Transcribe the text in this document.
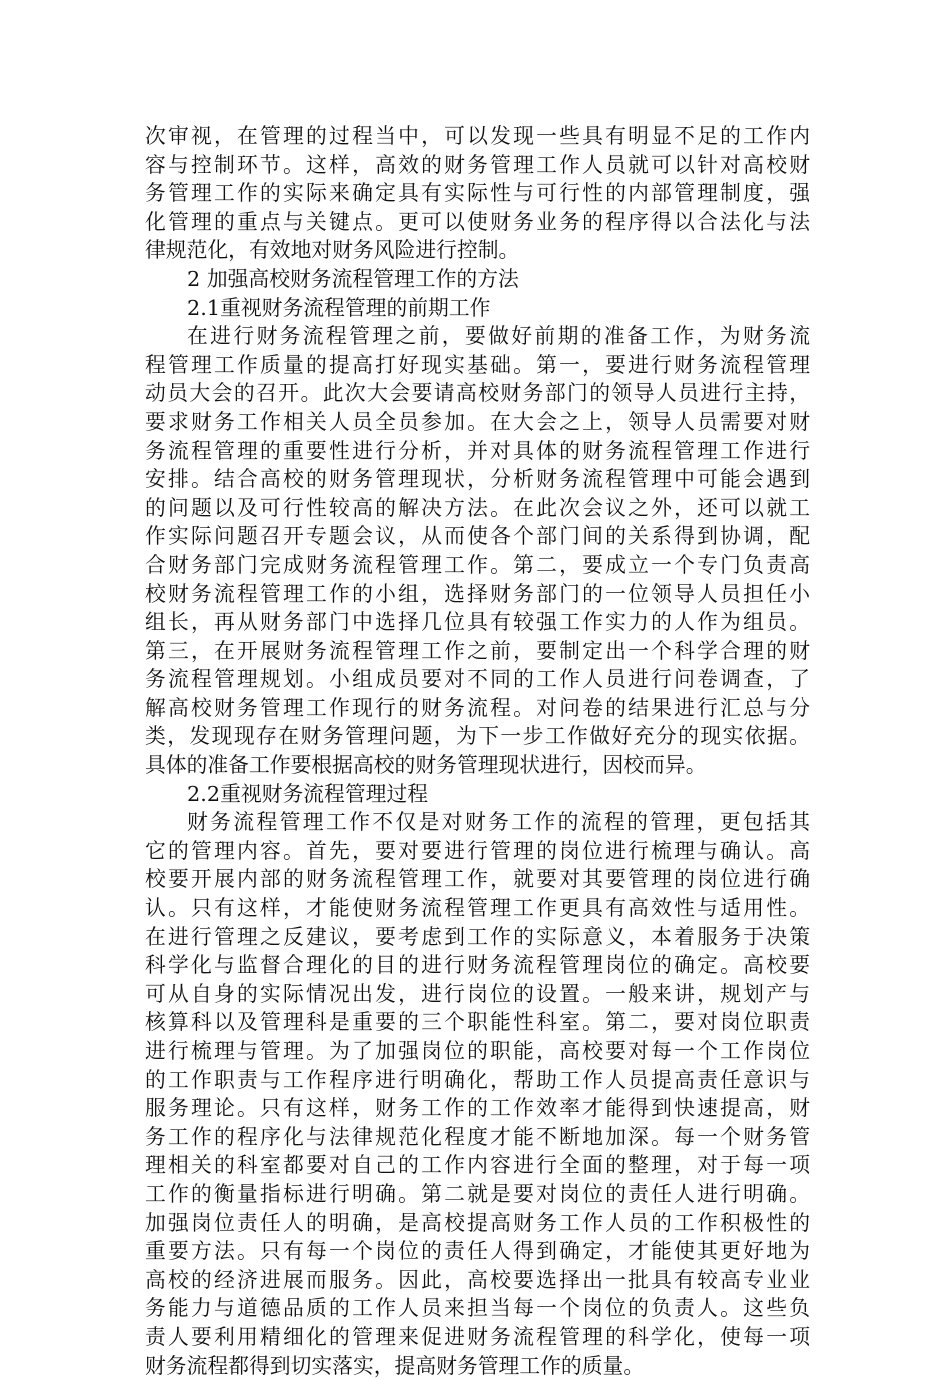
次审视，在管理的过程当中，可以发现一些具有明显不足的工作内
容与控制环节。这样，高效的财务管理工作人员就可以针对高校财
务管理工作的实际来确定具有实际性与可行性的内部管理制度，强
化管理的重点与关键点。更可以使财务业务的程序得以合法化与法
律规范化，有效地对财务风险进行控制。
2 加强高校财务流程管理工作的方法
2.1重视财务流程管理的前期工作
在进行财务流程管理之前，要做好前期的准备工作，为财务流
程管理工作质量的提高打好现实基础。第一，要进行财务流程管理
动员大会的召开。此次大会要请高校财务部门的领导人员进行主持，
要求财务工作相关人员全员参加。在大会之上，领导人员需要对财
务流程管理的重要性进行分析，并对具体的财务流程管理工作进行
安排。结合高校的财务管理现状，分析财务流程管理中可能会遇到
的问题以及可行性较高的解决方法。在此次会议之外，还可以就工
作实际问题召开专题会议，从而使各个部门间的关系得到协调，配
合财务部门完成财务流程管理工作。第二，要成立一个专门负责高
校财务流程管理工作的小组，选择财务部门的一位领导人员担任小
组长，再从财务部门中选择几位具有较强工作实力的人作为组员。
第三，在开展财务流程管理工作之前，要制定出一个科学合理的财
务流程管理规划。小组成员要对不同的工作人员进行问卷调查，了
解高校财务管理工作现行的财务流程。对问卷的结果进行汇总与分
类，发现现存在财务管理问题，为下一步工作做好充分的现实依据。
具体的准备工作要根据高校的财务管理现状进行，因校而异。
2.2重视财务流程管理过程
财务流程管理工作不仅是对财务工作的流程的管理，更包括其
它的管理内容。首先，要对要进行管理的岗位进行梳理与确认。高
校要开展内部的财务流程管理工作，就要对其要管理的岗位进行确
认。只有这样，才能使财务流程管理工作更具有高效性与适用性。
在进行管理之反建议，要考虑到工作的实际意义，本着服务于决策
科学化与监督合理化的目的进行财务流程管理岗位的确定。高校要
可从自身的实际情况出发，进行岗位的设置。一般来讲，规划产与
核算科以及管理科是重要的三个职能性科室。第二，要对岗位职责
进行梳理与管理。为了加强岗位的职能，高校要对每一个工作岗位
的工作职责与工作程序进行明确化，帮助工作人员提高责任意识与
服务理论。只有这样，财务工作的工作效率才能得到快速提高，财
务工作的程序化与法律规范化程度才能不断地加深。每一个财务管
理相关的科室都要对自己的工作内容进行全面的整理，对于每一项
工作的衡量指标进行明确。第二就是要对岗位的责任人进行明确。
加强岗位责任人的明确，是高校提高财务工作人员的工作积极性的
重要方法。只有每一个岗位的责任人得到确定，才能使其更好地为
高校的经济进展而服务。因此，高校要选择出一批具有较高专业业
务能力与道德品质的工作人员来担当每一个岗位的负责人。这些负
责人要利用精细化的管理来促进财务流程管理的科学化，使每一项
财务流程都得到切实落实，提高财务管理工作的质量。
